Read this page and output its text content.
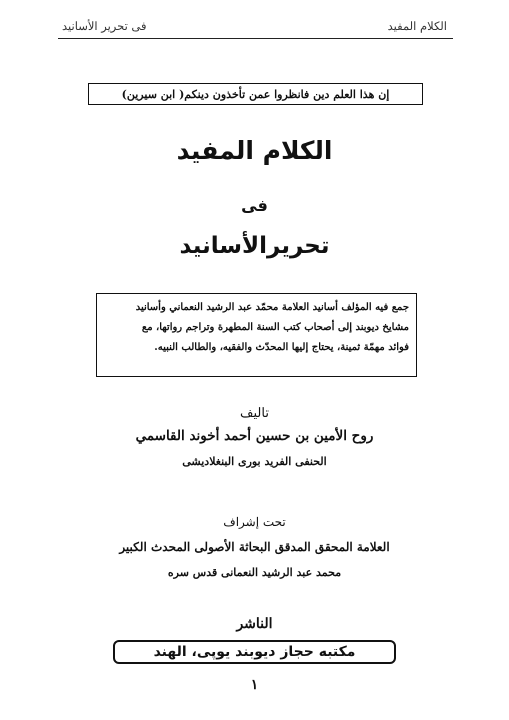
فى تحرير الأسانيد	الكلام المفيد
إن هذا العلم دين فانظروا عمن تأخذون دينكم( ابن سيرين)
الكلام المفيد
فی
تحريرالأسانيد
جمع فيه المؤلف أسانيد العلامة محمّد عبد الرشيد النعماني وأسانيد
مشايخ ديوبند إلى أصحاب كتب السنة المطهرة وتراجم رواتها، مع
فوائد مهمّة ثمينة، يحتاج إليها المحدّث والفقيه، والطالب النبيه.
تاليف
روح الأمين بن حسين أحمد أخوند القاسمي
الحنفی الفريد بوری البنغلاديشی
تحت إشراف
العلامة المحقق المدقق البحاثة الأصولی المحدث الكبير
محمد عبد الرشيد النعمانی قدس سره
الناشر
مكتبه حجاز ديوبند يوپی، الهند
١
